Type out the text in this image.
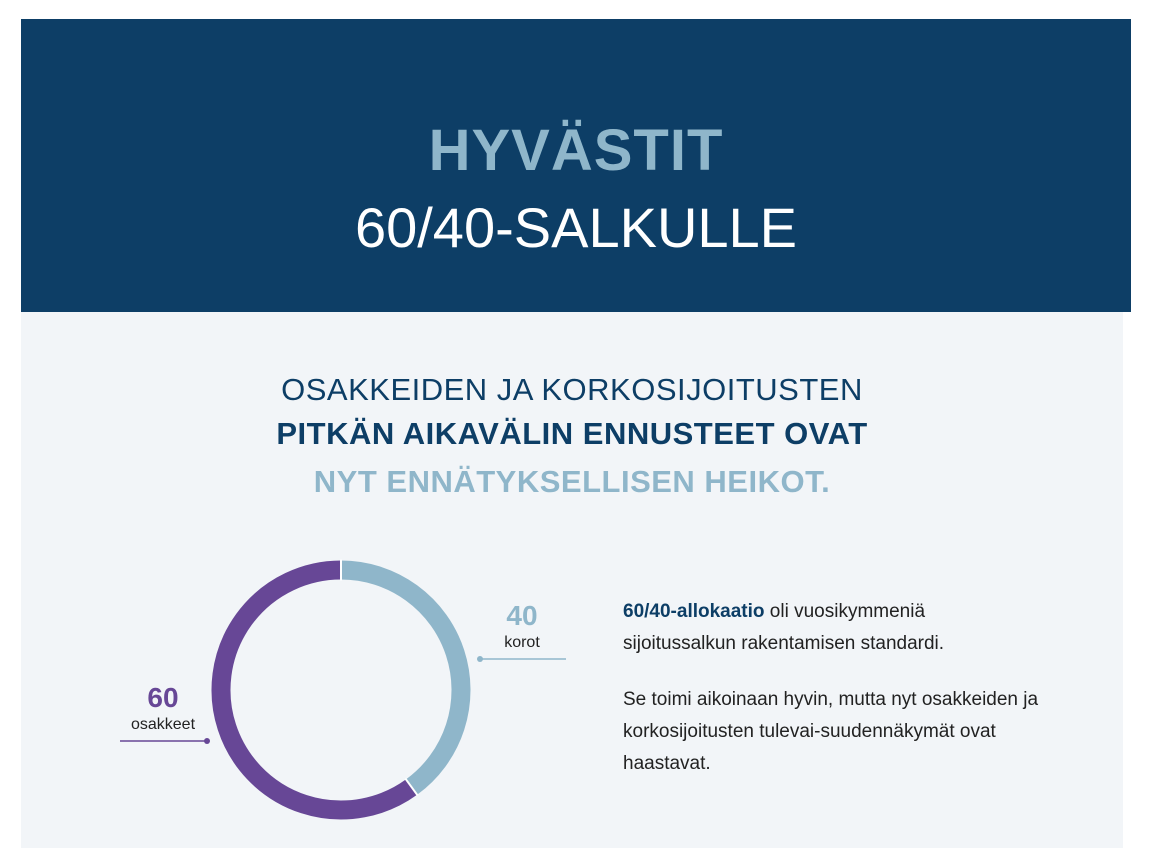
HYVÄSTIT
60/40-SALKULLE
OSAKKEIDEN JA KORKOSIJOITUSTEN
PITKÄN AIKAVÄLIN ENNUSTEET OVAT
NYT ENNÄTYKSELLISEN HEIKOT.
40
korot
60
osakkeet
60/40-allokaatio oli vuosikymmeniä sijoitussalkun rakentamisen standardi.
Se toimi aikoinaan hyvin, mutta nyt osakkeiden ja korkosijoitusten tulevai-suudennäkymät ovat haastavat.
